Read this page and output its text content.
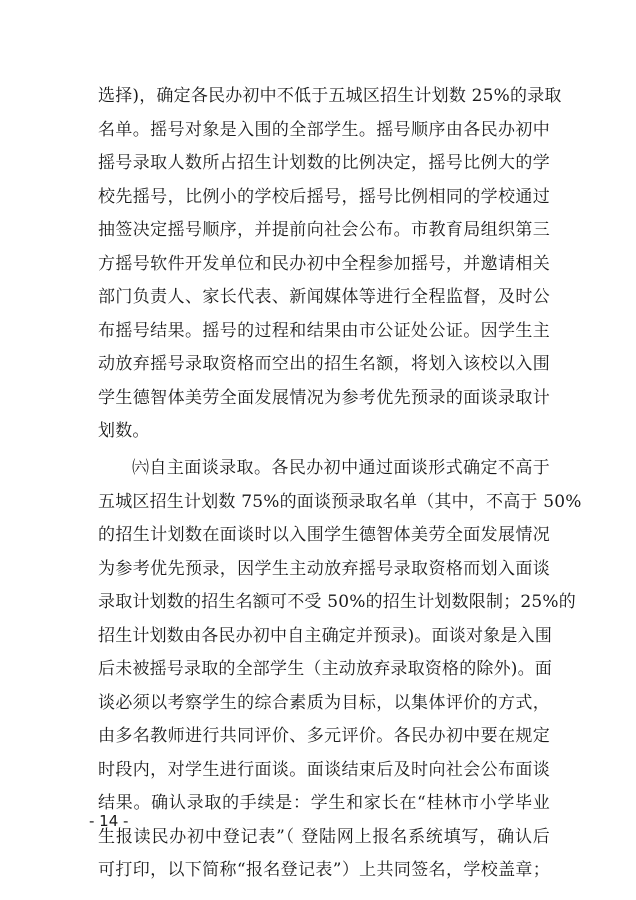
选择)，确定各民办初中不低于五城区招生计划数 25%的录取
名单。摇号对象是入围的全部学生。摇号顺序由各民办初中
摇号录取人数所占招生计划数的比例决定，摇号比例大的学
校先摇号，比例小的学校后摇号，摇号比例相同的学校通过
抽签决定摇号顺序，并提前向社会公布。市教育局组织第三
方摇号软件开发单位和民办初中全程参加摇号，并邀请相关
部门负责人、家长代表、新闻媒体等进行全程监督，及时公
布摇号结果。摇号的过程和结果由市公证处公证。因学生主
动放弃摇号录取资格而空出的招生名额，将划入该校以入围
学生德智体美劳全面发展情况为参考优先预录的面谈录取计
划数。
㈥自主面谈录取。各民办初中通过面谈形式确定不高于
五城区招生计划数 75%的面谈预录取名单（其中，不高于 50%
的招生计划数在面谈时以入围学生德智体美劳全面发展情况
为参考优先预录，因学生主动放弃摇号录取资格而划入面谈
录取计划数的招生名额可不受 50%的招生计划数限制；25%的
招生计划数由各民办初中自主确定并预录)。面谈对象是入围
后未被摇号录取的全部学生（主动放弃录取资格的除外)。面
谈必须以考察学生的综合素质为目标，以集体评价的方式，
由多名教师进行共同评价、多元评价。各民办初中要在规定
时段内，对学生进行面谈。面谈结束后及时向社会公布面谈
结果。确认录取的手续是：学生和家长在“桂林市小学毕业
生报读民办初中登记表”（ 登陆网上报名系统填写，确认后
可打印，以下简称“报名登记表”）上共同签名，学校盖章；
- 14 -
